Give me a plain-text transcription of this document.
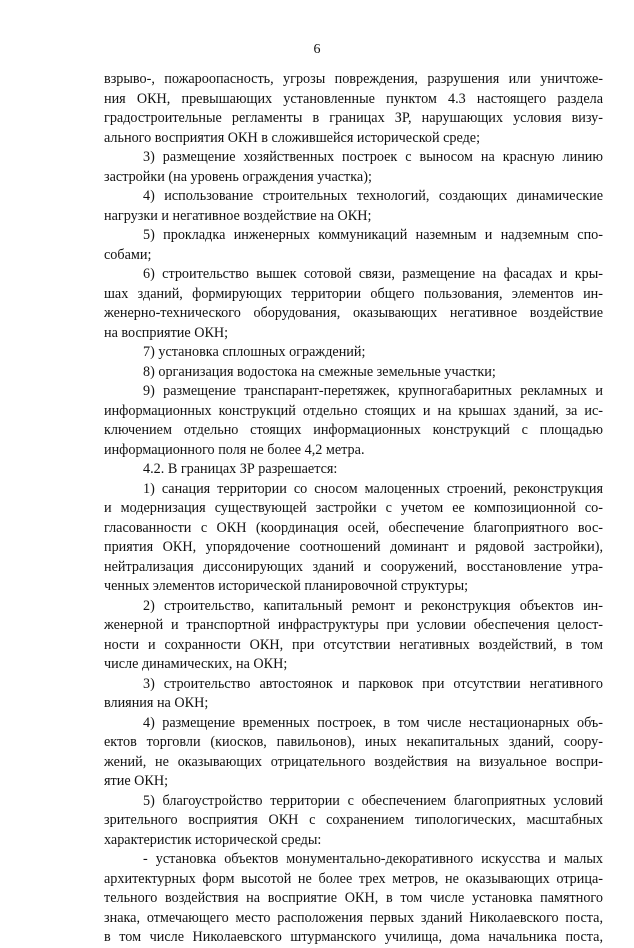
6
взрыво-, пожароопасность, угрозы повреждения, разрушения или уничтоже-
ния ОКН, превышающих установленные пунктом 4.3 настоящего раздела
градостроительные регламенты в границах ЗР, нарушающих условия визу-
ального восприятия ОКН в сложившейся исторической среде;
3) размещение хозяйственных построек с выносом на красную линию
застройки (на уровень ограждения участка);
4) использование строительных технологий, создающих динамические
нагрузки и негативное воздействие на ОКН;
5) прокладка инженерных коммуникаций наземным и надземным спо-
собами;
6) строительство вышек сотовой связи, размещение на фасадах и кры-
шах зданий, формирующих территории общего пользования, элементов ин-
женерно-технического оборудования, оказывающих негативное воздействие
на восприятие ОКН;
7) установка сплошных ограждений;
8) организация водостока на смежные земельные участки;
9) размещение транспарант-перетяжек, крупногабаритных рекламных и
информационных конструкций отдельно стоящих и на крышах зданий, за ис-
ключением отдельно стоящих информационных конструкций с площадью
информационного поля не более 4,2 метра.
4.2. В границах ЗР разрешается:
1) санация территории со сносом малоценных строений, реконструкция
и модернизация существующей застройки с учетом ее композиционной со-
гласованности с ОКН (координация осей, обеспечение благоприятного вос-
приятия ОКН, упорядочение соотношений доминант и рядовой застройки),
нейтрализация диссонирующих зданий и сооружений, восстановление утра-
ченных элементов исторической планировочной структуры;
2) строительство, капитальный ремонт и реконструкция объектов ин-
женерной и транспортной инфраструктуры при условии обеспечения целост-
ности и сохранности ОКН, при отсутствии негативных воздействий, в том
числе динамических, на ОКН;
3) строительство автостоянок и парковок при отсутствии негативного
влияния на ОКН;
4) размещение временных построек, в том числе нестационарных объ-
ектов торговли (киосков, павильонов), иных некапитальных зданий, соору-
жений, не оказывающих отрицательного воздействия на визуальное воспри-
ятие ОКН;
5) благоустройство территории с обеспечением благоприятных условий
зрительного восприятия ОКН с сохранением типологических, масштабных
характеристик исторической среды:
- установка объектов монументально-декоративного искусства и малых
архитектурных форм высотой не более трех метров, не оказывающих отрица-
тельного воздействия на восприятие ОКН, в том числе установка памятного
знака, отмечающего место расположения первых зданий Николаевского поста,
в том числе Николаевского штурманского училища, дома начальника поста,
